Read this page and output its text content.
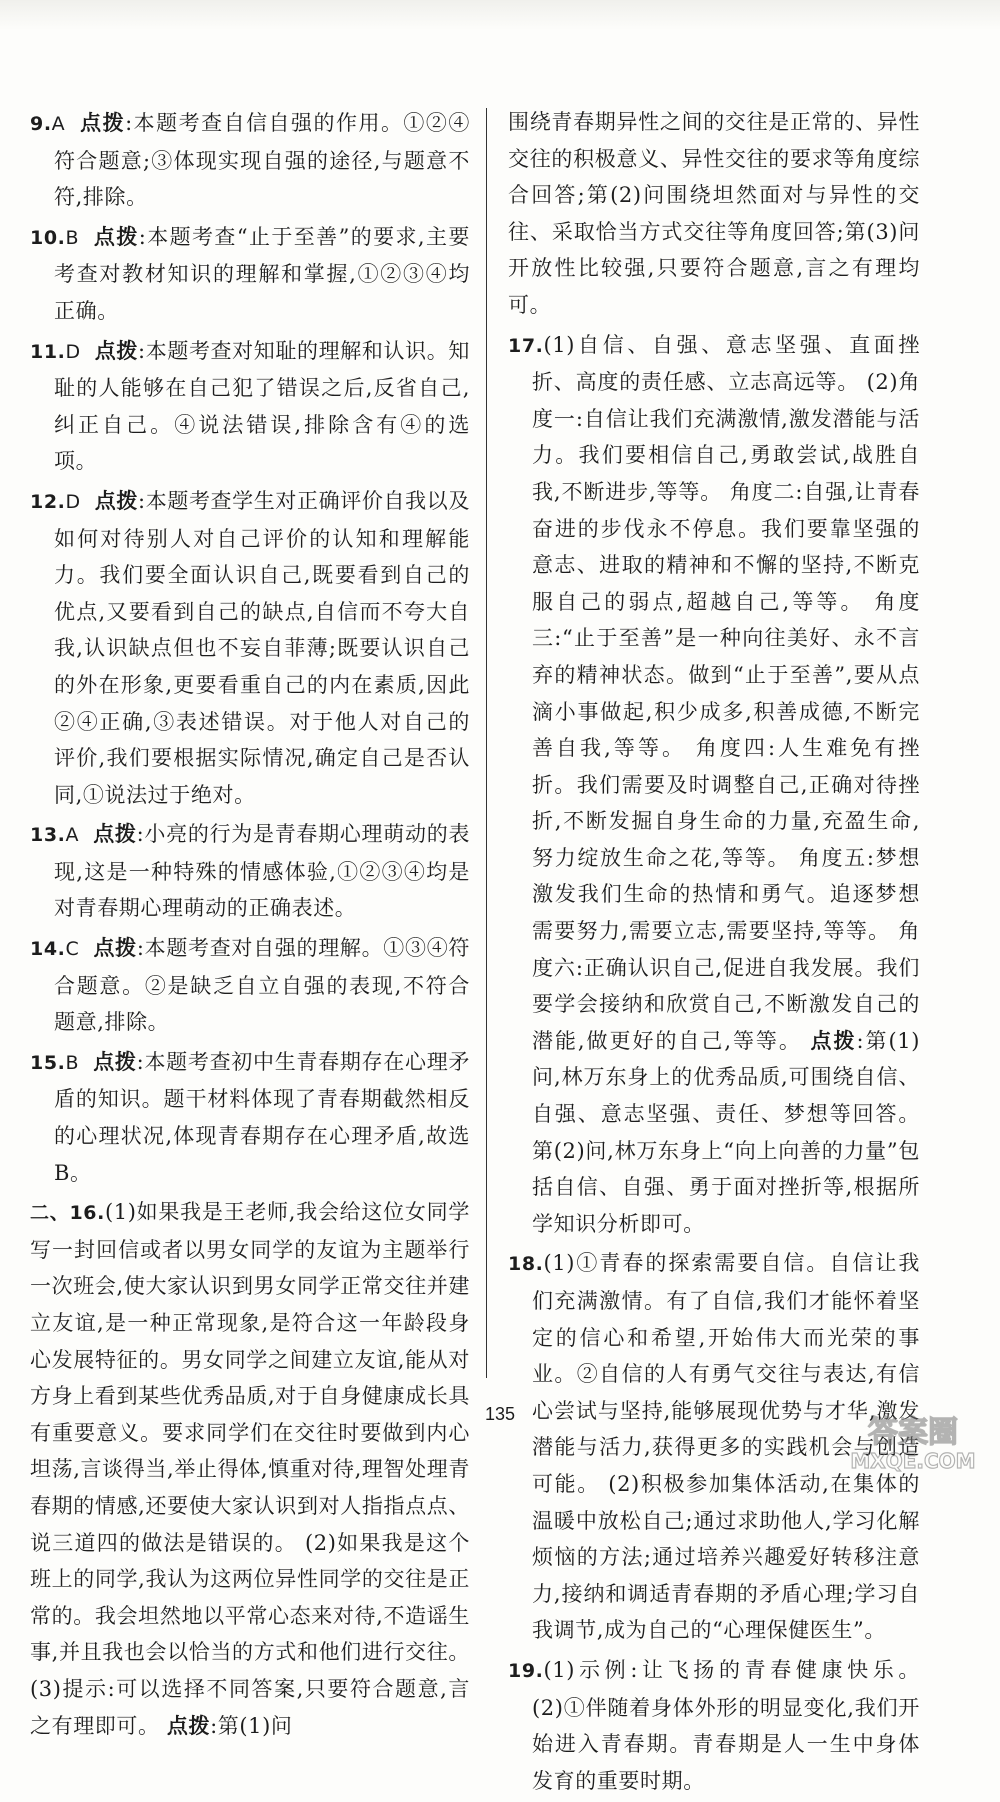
9.A 点拨:本题考查自信自强的作用。①②④符合题意;③体现实现自强的途径,与题意不符,排除。
10.B 点拨:本题考查“止于至善”的要求,主要考查对教材知识的理解和掌握,①②③④均正确。
11.D 点拨:本题考查对知耻的理解和认识。知耻的人能够在自己犯了错误之后,反省自己,纠正自己。④说法错误,排除含有④的选项。
12.D 点拨:本题考查学生对正确评价自我以及如何对待别人对自己评价的认知和理解能力。我们要全面认识自己,既要看到自己的优点,又要看到自己的缺点,自信而不夸大自我,认识缺点但也不妄自菲薄;既要认识自己的外在形象,更要看重自己的内在素质,因此②④正确,③表述错误。对于他人对自己的评价,我们要根据实际情况,确定自己是否认同,①说法过于绝对。
13.A 点拨:小亮的行为是青春期心理萌动的表现,这是一种特殊的情感体验,①②③④均是对青春期心理萌动的正确表述。
14.C 点拨:本题考查对自强的理解。①③④符合题意。②是缺乏自立自强的表现,不符合题意,排除。
15.B 点拨:本题考查初中生青春期存在心理矛盾的知识。题干材料体现了青春期截然相反的心理状况,体现青春期存在心理矛盾,故选B。
二、16.(1)如果我是王老师,我会给这位女同学写一封回信或者以男女同学的友谊为主题举行一次班会,使大家认识到男女同学正常交往并建立友谊,是一种正常现象,是符合这一年龄段身心发展特征的。男女同学之间建立友谊,能从对方身上看到某些优秀品质,对于自身健康成长具有重要意义。要求同学们在交往时要做到内心坦荡,言谈得当,举止得体,慎重对待,理智处理青春期的情感,还要使大家认识到对人指指点点、说三道四的做法是错误的。 (2)如果我是这个班上的同学,我认为这两位异性同学的交往是正常的。我会坦然地以平常心态来对待,不造谣生事,并且我也会以恰当的方式和他们进行交往。 (3)提示:可以选择不同答案,只要符合题意,言之有理即可。 点拨:第(1)问
围绕青春期异性之间的交往是正常的、异性交往的积极意义、异性交往的要求等角度综合回答;第(2)问围绕坦然面对与异性的交往、采取恰当方式交往等角度回答;第(3)问开放性比较强,只要符合题意,言之有理均可。
17.(1)自信、自强、意志坚强、直面挫折、高度的责任感、立志高远等。 (2)角度一:自信让我们充满激情,激发潜能与活力。我们要相信自己,勇敢尝试,战胜自我,不断进步,等等。 角度二:自强,让青春奋进的步伐永不停息。我们要靠坚强的意志、进取的精神和不懈的坚持,不断克服自己的弱点,超越自己,等等。 角度三:“止于至善”是一种向往美好、永不言弃的精神状态。做到“止于至善”,要从点滴小事做起,积少成多,积善成德,不断完善自我,等等。 角度四:人生难免有挫折。我们需要及时调整自己,正确对待挫折,不断发掘自身生命的力量,充盈生命,努力绽放生命之花,等等。 角度五:梦想激发我们生命的热情和勇气。追逐梦想需要努力,需要立志,需要坚持,等等。 角度六:正确认识自己,促进自我发展。我们要学会接纳和欣赏自己,不断激发自己的潜能,做更好的自己,等等。 点拨:第(1)问,林万东身上的优秀品质,可围绕自信、自强、意志坚强、责任、梦想等回答。第(2)问,林万东身上“向上向善的力量”包括自信、自强、勇于面对挫折等,根据所学知识分析即可。
18.(1)①青春的探索需要自信。自信让我们充满激情。有了自信,我们才能怀着坚定的信心和希望,开始伟大而光荣的事业。②自信的人有勇气交往与表达,有信心尝试与坚持,能够展现优势与才华,激发潜能与活力,获得更多的实践机会与创造可能。 (2)积极参加集体活动,在集体的温暖中放松自己;通过求助他人,学习化解烦恼的方法;通过培养兴趣爱好转移注意力,接纳和调适青春期的矛盾心理;学习自我调节,成为自己的“心理保健医生”。
19.(1)示例:让飞扬的青春健康快乐。 (2)①伴随着身体外形的明显变化,我们开始进入青春期。青春期是人一生中身体发育的重要时期。
135
答案圈
MXQE.COM
